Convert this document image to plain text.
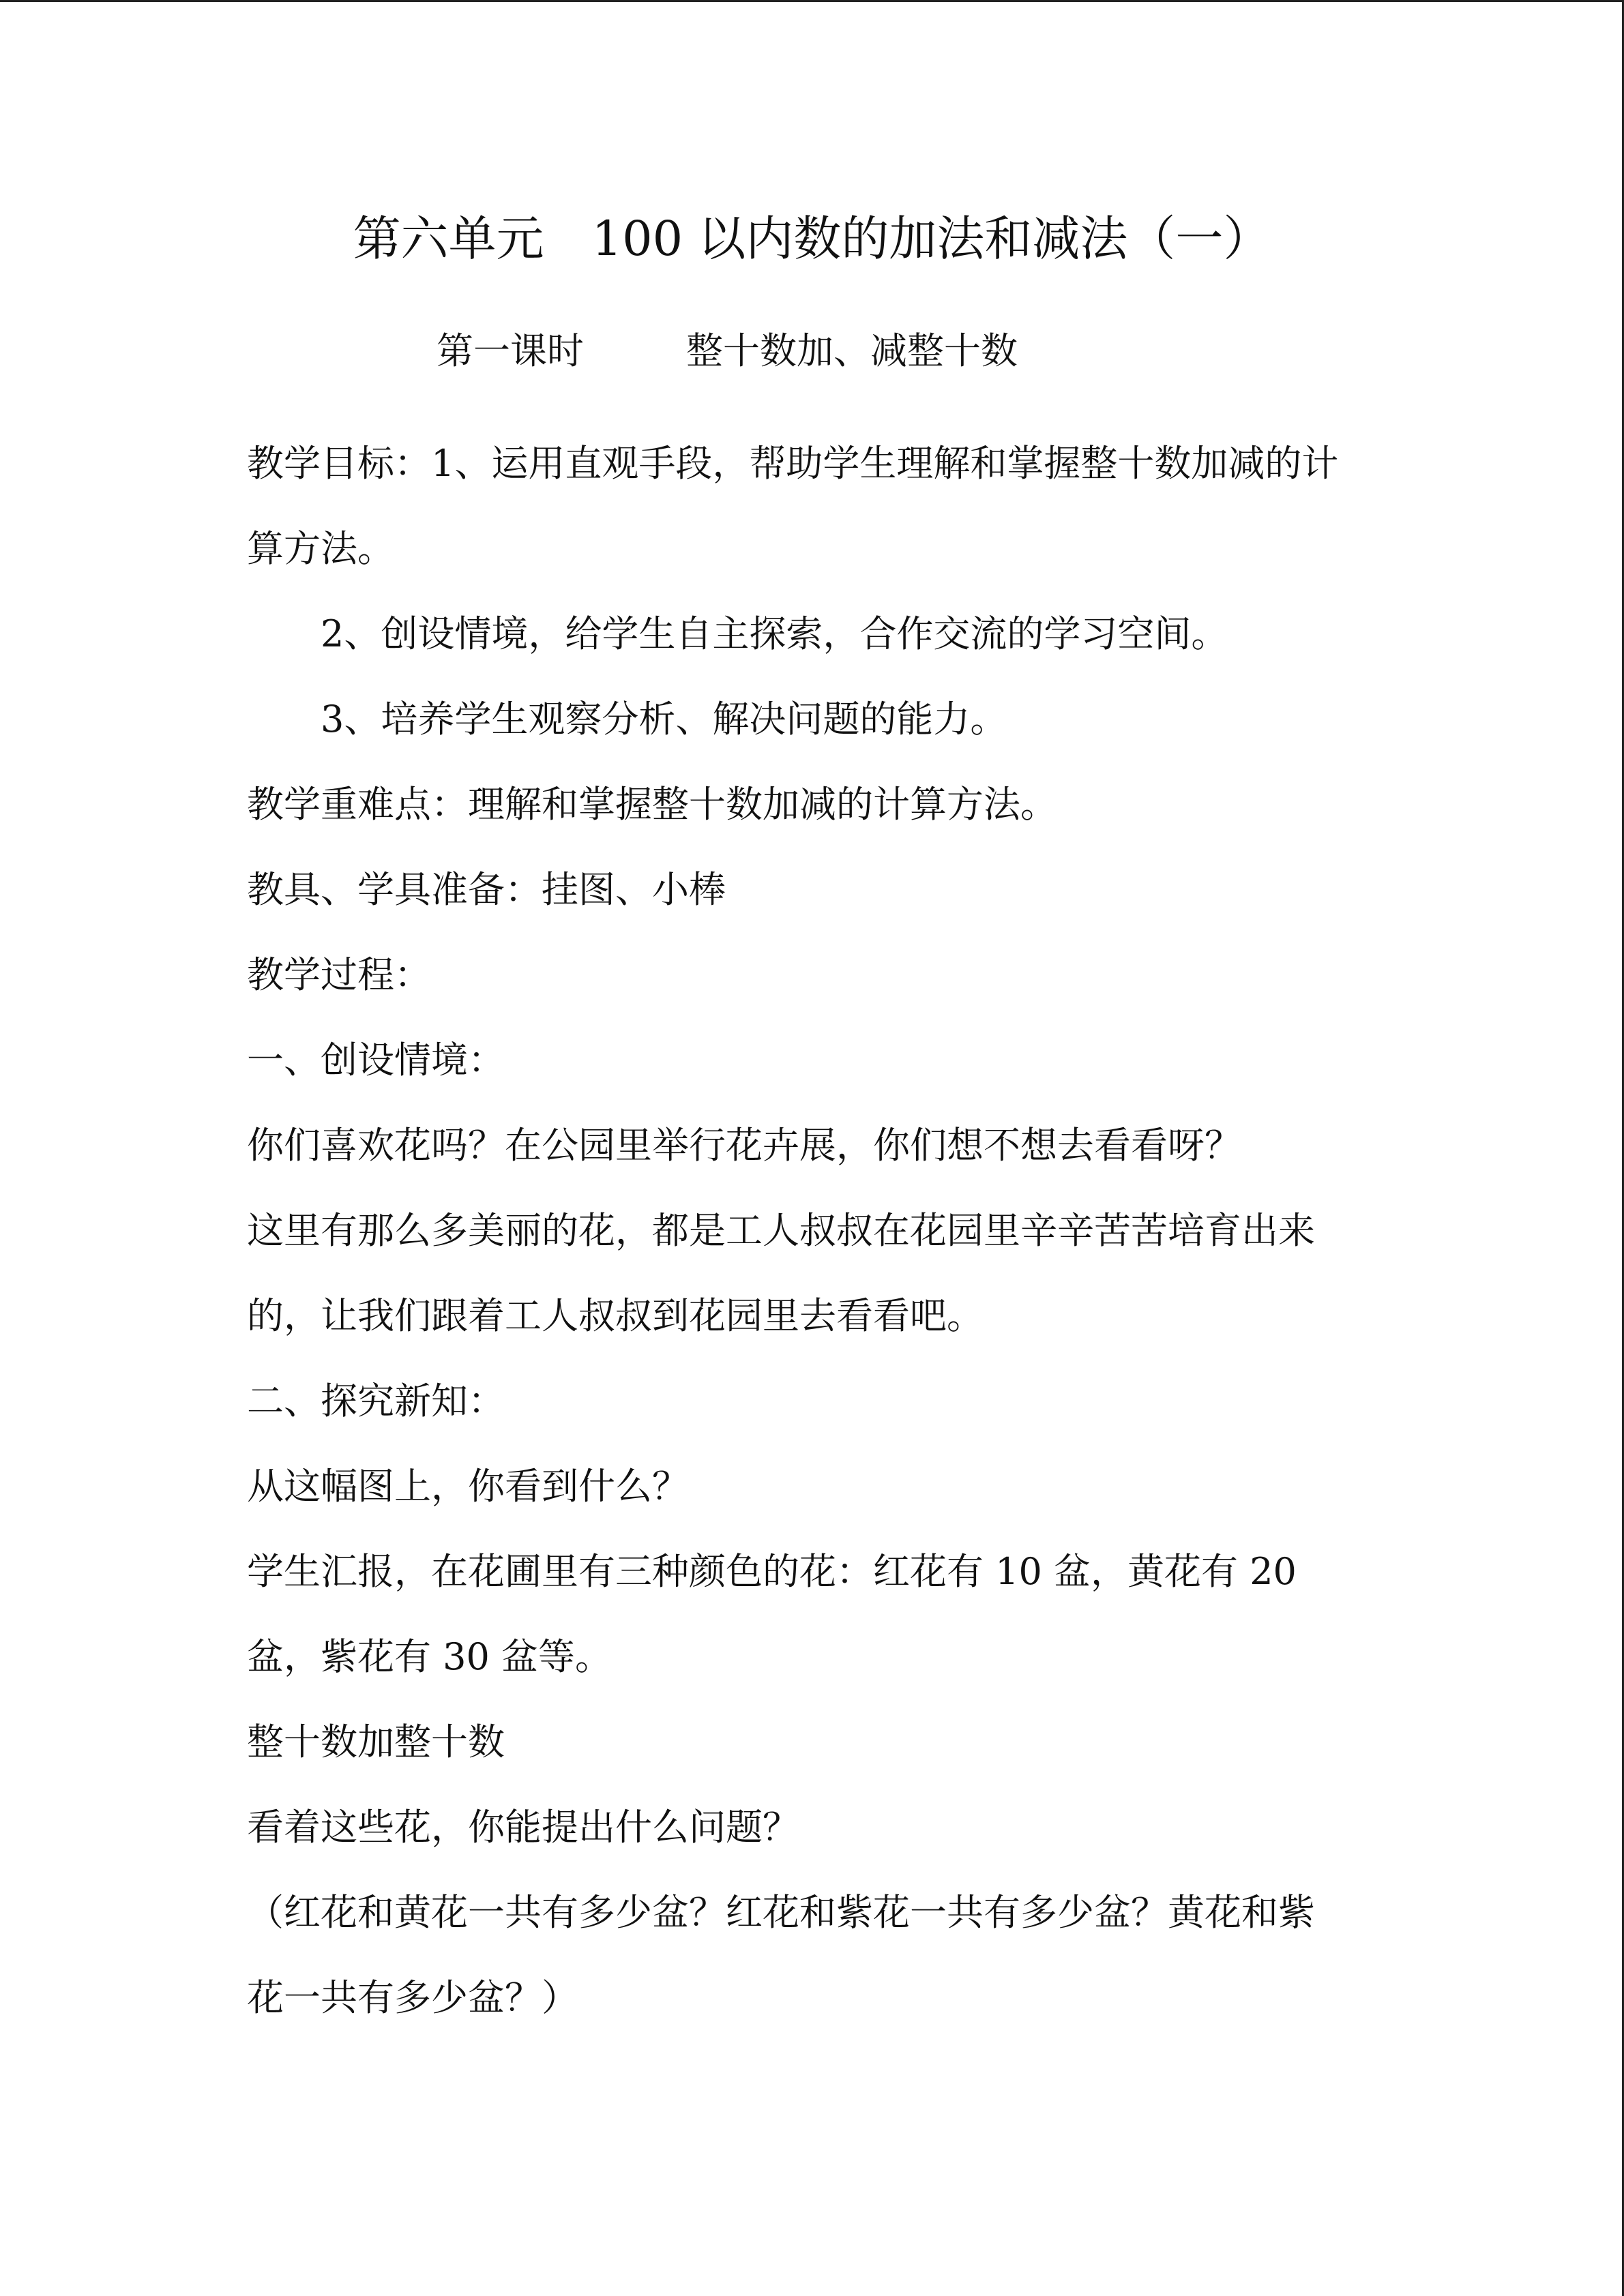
第六单元 100 以内数的加法和减法（一）
第一课时	整十数加、减整十数
教学目标：1、运用直观手段，帮助学生理解和掌握整十数加减的计
算方法。
2、创设情境，给学生自主探索，合作交流的学习空间。
3、培养学生观察分析、解决问题的能力。
教学重难点：理解和掌握整十数加减的计算方法。
教具、学具准备：挂图、小棒
教学过程：
一、创设情境：
你们喜欢花吗？在公园里举行花卉展，你们想不想去看看呀？
这里有那么多美丽的花，都是工人叔叔在花园里辛辛苦苦培育出来
的，让我们跟着工人叔叔到花园里去看看吧。
二、探究新知：
从这幅图上，你看到什么？
学生汇报，在花圃里有三种颜色的花：红花有 10 盆，黄花有 20
盆，紫花有 30 盆等。
整十数加整十数
看着这些花，你能提出什么问题？
（红花和黄花一共有多少盆？红花和紫花一共有多少盆？黄花和紫
花一共有多少盆？）
